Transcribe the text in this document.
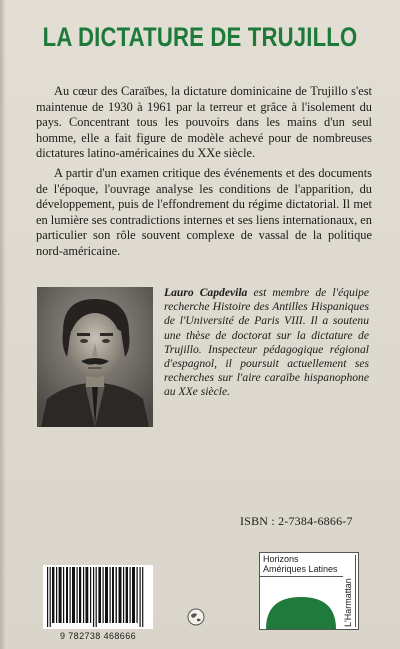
LA DICTATURE DE TRUJILLO

Au cœur des Caraïbes, la dictature dominicaine de Trujillo s'est maintenue de 1930 à 1961 par la terreur et grâce à l'isolement du pays. Concentrant tous les pouvoirs dans les mains d'un seul homme, elle a fait figure de modèle achevé pour de nombreuses dictatures latino-américaines du XXe siècle.

A partir d'un examen critique des événements et des documents de l'époque, l'ouvrage analyse les conditions de l'apparition, du développement, puis de l'effondrement du régime dictatorial. Il met en lumière ses contradictions internes et ses liens internationaux, en particulier son rôle souvent complexe de vassal de la politique nord-américaine.

Lauro Capdevila est membre de l'équipe recherche Histoire des Antilles Hispaniques de l'Université de Paris VIII. Il a soutenu une thèse de doctorat sur la dictature de Trujillo. Inspecteur pédagogique régional d'espagnol, il poursuit actuellement ses recherches sur l'aire caraïbe hispanophone au XXe siècle.
ISBN : 2-7384-6866-7
9 782738 468666
Horizons
Amériques Latines
L'Harmattan
